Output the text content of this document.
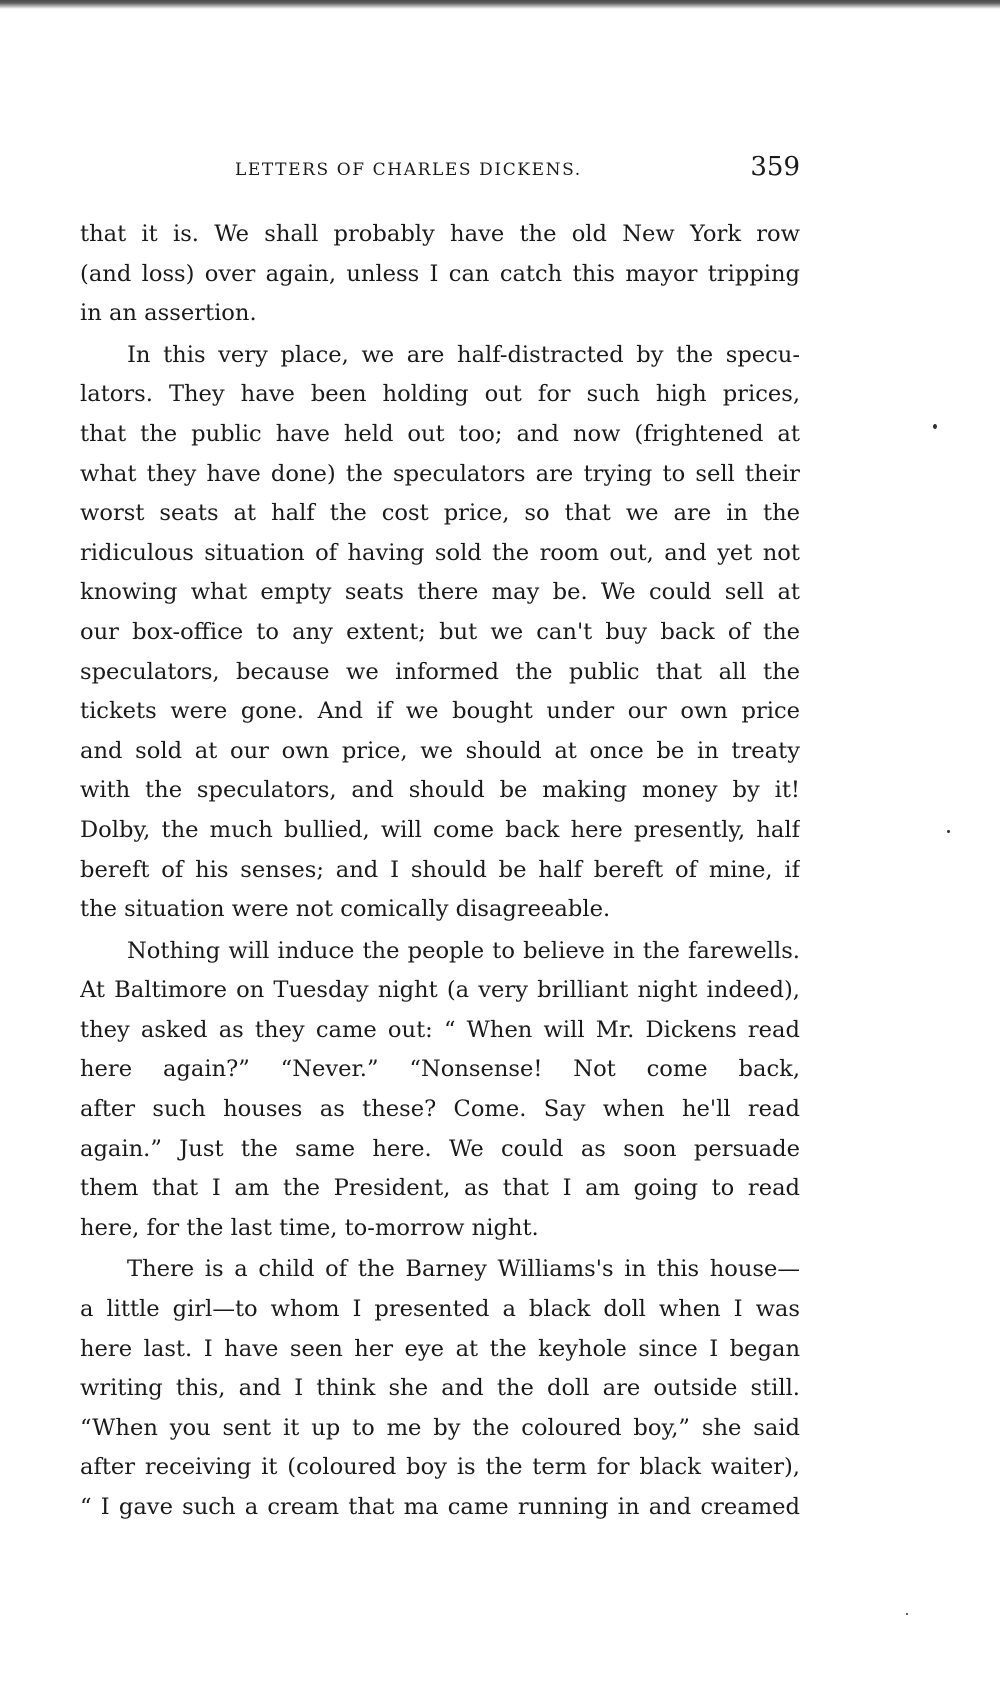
LETTERS OF CHARLES DICKENS.	359
that it is. We shall probably have the old New York row
(and loss) over again, unless I can catch this mayor tripping
in an assertion.
In this very place, we are half-distracted by the specu-
lators. They have been holding out for such high prices,
that the public have held out too; and now (frightened at
what they have done) the speculators are trying to sell their
worst seats at half the cost price, so that we are in the
ridiculous situation of having sold the room out, and yet not
knowing what empty seats there may be. We could sell at
our box-office to any extent; but we can't buy back of the
speculators, because we informed the public that all the
tickets were gone. And if we bought under our own price
and sold at our own price, we should at once be in treaty
with the speculators, and should be making money by it!
Dolby, the much bullied, will come back here presently, half
bereft of his senses; and I should be half bereft of mine, if
the situation were not comically disagreeable.
Nothing will induce the people to believe in the farewells.
At Baltimore on Tuesday night (a very brilliant night indeed),
they asked as they came out: “ When will Mr. Dickens read
here again?” “Never.” “Nonsense! Not come back,
after such houses as these? Come. Say when he'll read
again.” Just the same here. We could as soon persuade
them that I am the President, as that I am going to read
here, for the last time, to-morrow night.
There is a child of the Barney Williams's in this house—
a little girl—to whom I presented a black doll when I was
here last. I have seen her eye at the keyhole since I began
writing this, and I think she and the doll are outside still.
“When you sent it up to me by the coloured boy,” she said
after receiving it (coloured boy is the term for black waiter),
“ I gave such a cream that ma came running in and creamed
